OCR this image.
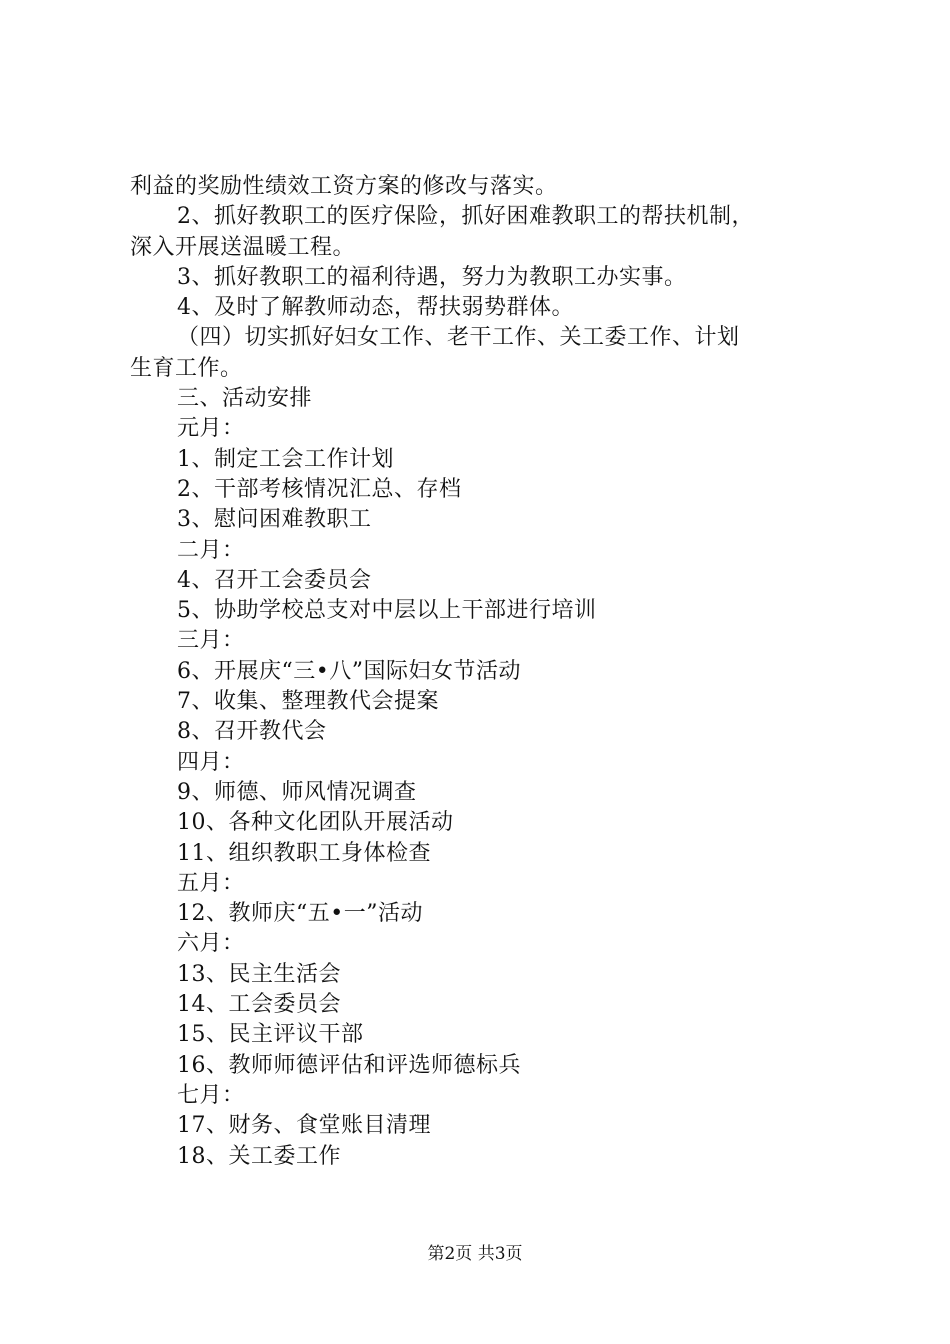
利益的奖励性绩效工资方案的修改与落实。
2、抓好教职工的医疗保险，抓好困难教职工的帮扶机制，
深入开展送温暖工程。
3、抓好教职工的福利待遇，努力为教职工办实事。
4、及时了解教师动态，帮扶弱势群体。
（四）切实抓好妇女工作、老干工作、关工委工作、计划
生育工作。
三、活动安排
元月：
1、制定工会工作计划
2、干部考核情况汇总、存档
3、慰问困难教职工
二月：
4、召开工会委员会
5、协助学校总支对中层以上干部进行培训
三月：
6、开展庆“三•八”国际妇女节活动
7、收集、整理教代会提案
8、召开教代会
四月：
9、师德、师风情况调查
10、各种文化团队开展活动
11、组织教职工身体检查
五月：
12、教师庆“五•一”活动
六月：
13、民主生活会
14、工会委员会
15、民主评议干部
16、教师师德评估和评选师德标兵
七月：
17、财务、食堂账目清理
18、关工委工作
第2页 共3页
